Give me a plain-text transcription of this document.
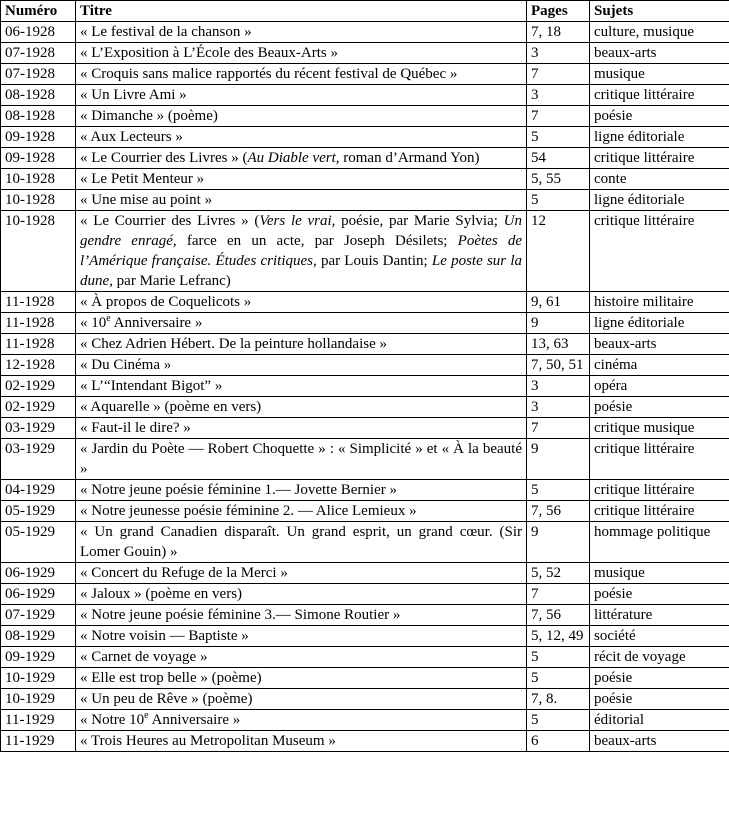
Numéro	Titre	Pages	Sujets
06-1928	« Le festival de la chanson »	7, 18	culture, musique
07-1928	« L’Exposition à L’École des Beaux-Arts »	3	beaux-arts
07-1928	« Croquis sans malice rapportés du récent festival de Québec »	7	musique
08-1928	« Un Livre Ami »	3	critique littéraire
08-1928	« Dimanche » (poème)	7	poésie
09-1928	« Aux Lecteurs »	5	ligne éditoriale
09-1928	« Le Courrier des Livres » (Au Diable vert, roman d’Armand Yon)	54	critique littéraire
10-1928	« Le Petit Menteur »	5, 55	conte
10-1928	« Une mise au point »	5	ligne éditoriale
10-1928	« Le Courrier des Livres » (Vers le vrai, poésie, par Marie Sylvia; Un gendre enragé, farce en un acte, par Joseph Désilets; Poètes de l’Amérique française. Études critiques, par Louis Dantin; Le poste sur la dune, par Marie Lefranc)	12	critique littéraire
11-1928	« À propos de Coquelicots »	9, 61	histoire militaire
11-1928	« 10e Anniversaire »	9	ligne éditoriale
11-1928	« Chez Adrien Hébert. De la peinture hollandaise »	13, 63	beaux-arts
12-1928	« Du Cinéma »	7, 50, 51	cinéma
02-1929	« L’“Intendant Bigot” »	3	opéra
02-1929	« Aquarelle » (poème en vers)	3	poésie
03-1929	« Faut-il le dire? »	7	critique musique
03-1929	« Jardin du Poète — Robert Choquette » : « Simplicité » et « À la beauté »	9	critique littéraire
04-1929	« Notre jeune poésie féminine 1.— Jovette Bernier »	5	critique littéraire
05-1929	« Notre jeunesse poésie féminine 2. — Alice Lemieux »	7, 56	critique littéraire
05-1929	« Un grand Canadien disparaît. Un grand esprit, un grand cœur. (Sir Lomer Gouin) »	9	hommage politique
06-1929	« Concert du Refuge de la Merci »	5, 52	musique
06-1929	« Jaloux » (poème en vers)	7	poésie
07-1929	« Notre jeune poésie féminine 3.— Simone Routier »	7, 56	littérature
08-1929	« Notre voisin — Baptiste »	5, 12, 49	société
09-1929	« Carnet de voyage »	5	récit de voyage
10-1929	« Elle est trop belle » (poème)	5	poésie
10-1929	« Un peu de Rêve » (poème)	7, 8.	poésie
11-1929	« Notre 10e Anniversaire »	5	éditorial
11-1929	« Trois Heures au Metropolitan Museum »	6	beaux-arts
